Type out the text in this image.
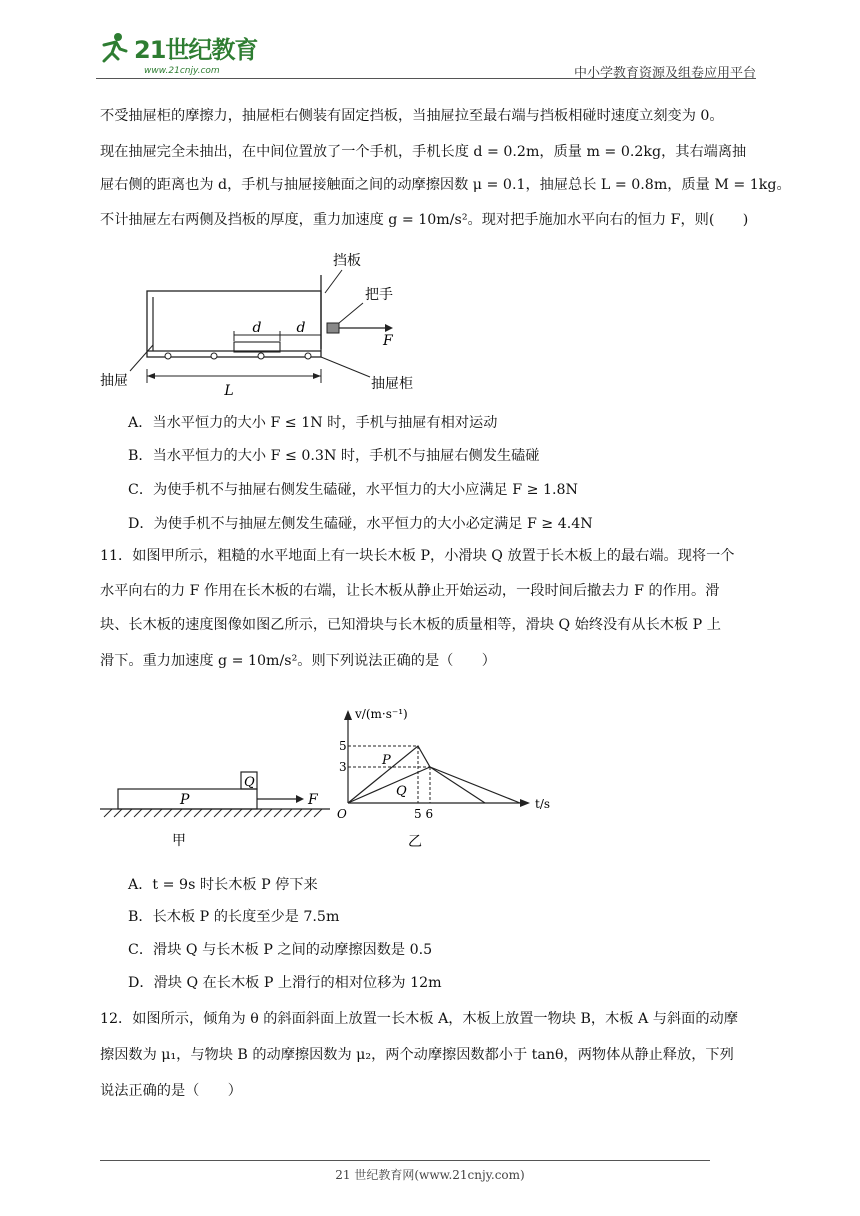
21世纪教育
www.21cnjy.com	中小学教育资源及组卷应用平台
不受抽屉柜的摩擦力，抽屉柜右侧装有固定挡板，当抽屉拉至最右端与挡板相碰时速度立刻变为 0。
现在抽屉完全未抽出，在中间位置放了一个手机，手机长度 d = 0.2m，质量 m = 0.2kg，其右端离抽
屉右侧的距离也为 d，手机与抽屉接触面之间的动摩擦因数 μ = 0.1，抽屉总长 L = 0.8m，质量 M = 1kg。
不计抽屉左右两侧及挡板的厚度，重力加速度 g = 10m/s²。现对把手施加水平向右的恒力 F，则(　　)
d	d
挡板
把手
F
抽屉	抽屉柜
L
A．当水平恒力的大小 F ≤ 1N 时，手机与抽屉有相对运动
B．当水平恒力的大小 F ≤ 0.3N 时，手机不与抽屉右侧发生磕碰
C．为使手机不与抽屉右侧发生磕碰，水平恒力的大小应满足 F ≥ 1.8N
D．为使手机不与抽屉左侧发生磕碰，水平恒力的大小必定满足 F ≥ 4.4N
11．如图甲所示，粗糙的水平地面上有一块长木板 P，小滑块 Q 放置于长木板上的最右端。现将一个
水平向右的力 F 作用在长木板的右端，让长木板从静止开始运动，一段时间后撤去力 F 的作用。滑
块、长木板的速度图像如图乙所示，已知滑块与长木板的质量相等，滑块 Q 始终没有从长木板 P 上
滑下。重力加速度 g = 10m/s²。则下列说法正确的是（　　）
P
Q
F
甲
v/(m·s⁻¹)
t/s
O
5
3
5 6
P
Q
乙
A．t = 9s 时长木板 P 停下来
B．长木板 P 的长度至少是 7.5m
C．滑块 Q 与长木板 P 之间的动摩擦因数是 0.5
D．滑块 Q 在长木板 P 上滑行的相对位移为 12m
12．如图所示，倾角为 θ 的斜面斜面上放置一长木板 A，木板上放置一物块 B，木板 A 与斜面的动摩
擦因数为 μ₁，与物块 B 的动摩擦因数为 μ₂，两个动摩擦因数都小于 tanθ，两物体从静止释放，下列
说法正确的是（　　）
21 世纪教育网(www.21cnjy.com)
